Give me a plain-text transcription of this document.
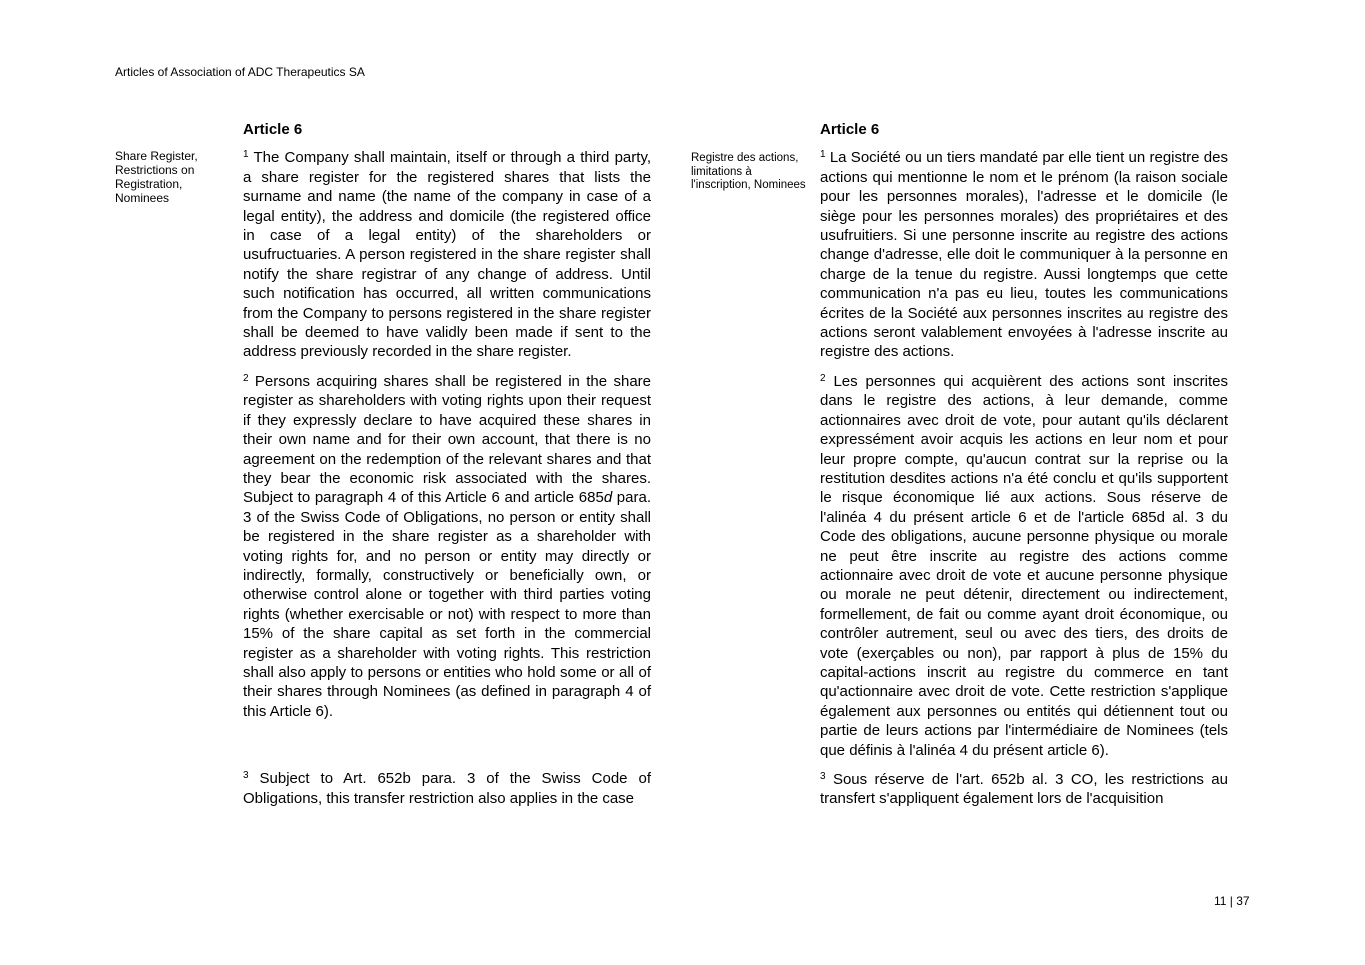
Articles of Association of ADC Therapeutics SA
Share Register, Restrictions on Registration, Nominees
Article 6

$^1$ The Company shall maintain, itself or through a third party, a share register for the registered shares that lists the surname and name (the name of the company in case of a legal entity), the address and domicile (the registered office in case of a legal entity) of the shareholders or usufructuaries. A person registered in the share register shall notify the share registrar of any change of address. Until such notification has occurred, all written communications from the Company to persons registered in the share register shall be deemed to have validly been made if sent to the address previously recorded in the share register.

$^2$ Persons acquiring shares shall be registered in the share register as shareholders with voting rights upon their request if they expressly declare to have acquired these shares in their own name and for their own account, that there is no agreement on the redemption of the relevant shares and that they bear the economic risk associated with the shares. Subject to paragraph 4 of this Article 6 and article 685d para. 3 of the Swiss Code of Obligations, no person or entity shall be registered in the share register as a shareholder with voting rights for, and no person or entity may directly or indirectly, formally, constructively or beneficially own, or otherwise control alone or together with third parties voting rights (whether exercisable or not) with respect to more than 15% of the share capital as set forth in the commercial register as a shareholder with voting rights. This restriction shall also apply to persons or entities who hold some or all of their shares through Nominees (as defined in paragraph 4 of this Article 6).

$^3$ Subject to Art. 652b para. 3 of the Swiss Code of Obligations, this transfer restriction also applies in the case

Registre des actions, limitations à l'inscription, Nominees
Article 6

$^1$ La Société ou un tiers mandaté par elle tient un registre des actions qui mentionne le nom et le prénom (la raison sociale pour les personnes morales), l'adresse et le domicile (le siège pour les personnes morales) des propriétaires et des usufruitiers. Si une personne inscrite au registre des actions change d'adresse, elle doit le communiquer à la personne en charge de la tenue du registre. Aussi longtemps que cette communication n'a pas eu lieu, toutes les communications écrites de la Société aux personnes inscrites au registre des actions seront valablement envoyées à l'adresse inscrite au registre des actions.

$^2$ Les personnes qui acquièrent des actions sont inscrites dans le registre des actions, à leur demande, comme actionnaires avec droit de vote, pour autant qu'ils déclarent expressément avoir acquis les actions en leur nom et pour leur propre compte, qu'aucun contrat sur la reprise ou la restitution desdites actions n'a été conclu et qu'ils supportent le risque économique lié aux actions. Sous réserve de l'alinéa 4 du présent article 6 et de l'article 685d al. 3 du Code des obligations, aucune personne physique ou morale ne peut être inscrite au registre des actions comme actionnaire avec droit de vote et aucune personne physique ou morale ne peut détenir, directement ou indirectement, formellement, de fait ou comme ayant droit économique, ou contrôler autrement, seul ou avec des tiers, des droits de vote (exerçables ou non), par rapport à plus de 15% du capital-actions inscrit au registre du commerce en tant qu'actionnaire avec droit de vote. Cette restriction s'applique également aux personnes ou entités qui détiennent tout ou partie de leurs actions par l'intermédiaire de Nominees (tels que définis à l'alinéa 4 du présent article 6).

$^3$ Sous réserve de l'art. 652b al. 3 CO, les restrictions au transfert s'appliquent également lors de l'acquisition

11 | 37
